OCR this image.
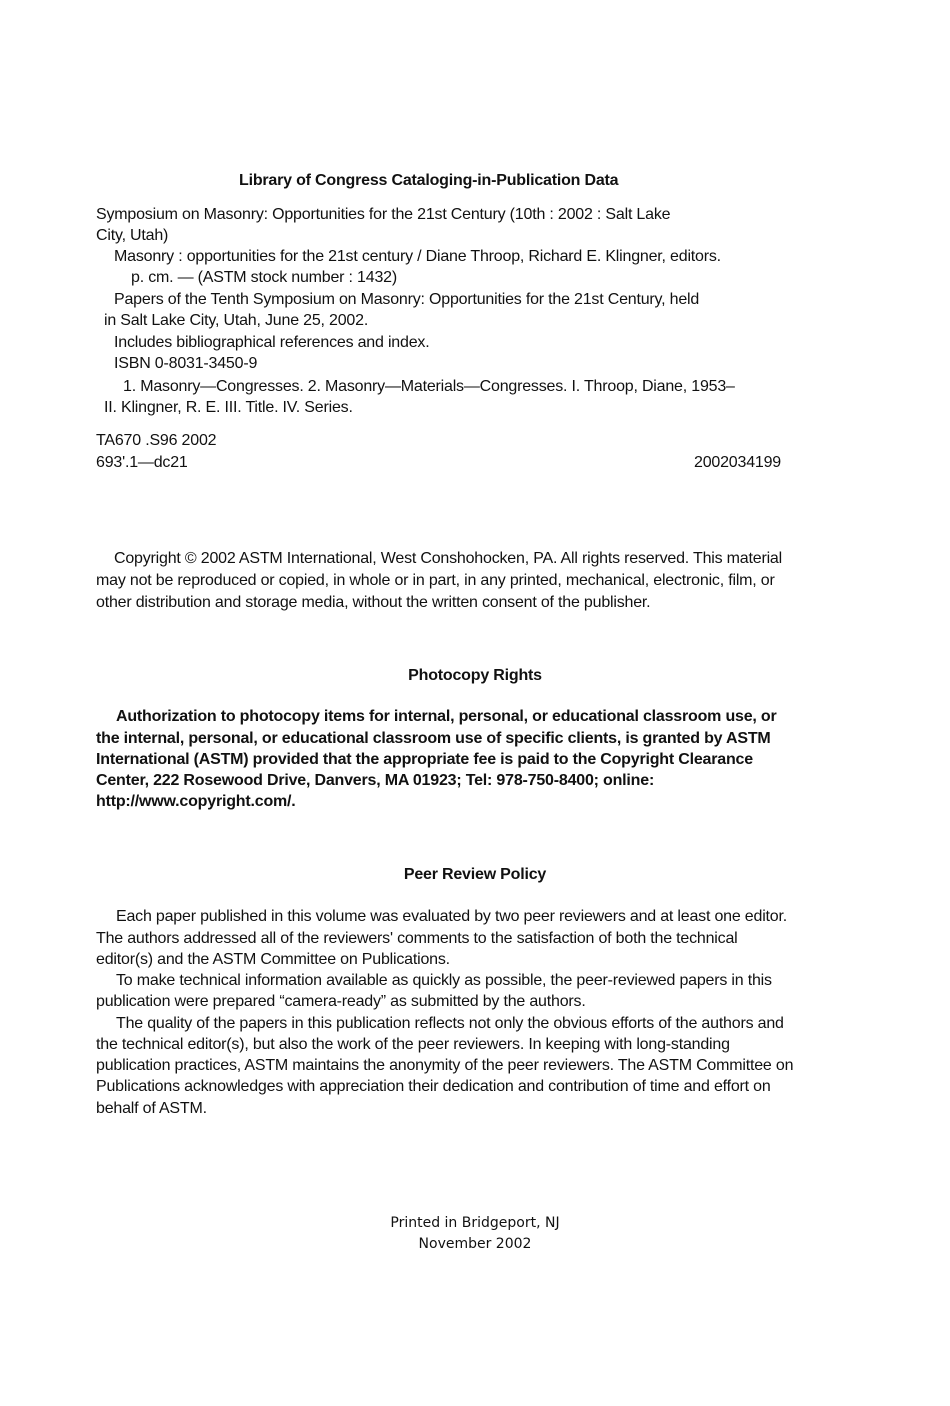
Library of Congress Cataloging-in-Publication Data
Symposium on Masonry: Opportunities for the 21st Century (10th : 2002 : Salt Lake
City, Utah)
Masonry : opportunities for the 21st century / Diane Throop, Richard E. Klingner, editors.
p. cm. — (ASTM stock number : 1432)
Papers of the Tenth Symposium on Masonry: Opportunities for the 21st Century, held
in Salt Lake City, Utah, June 25, 2002.
Includes bibliographical references and index.
ISBN 0-8031-3450-9
1. Masonry—Congresses. 2. Masonry—Materials—Congresses. I. Throop, Diane, 1953–
II. Klingner, R. E. III. Title. IV. Series.
TA670 .S96 2002
693'.1—dc21	2002034199
Copyright © 2002 ASTM International, West Conshohocken, PA. All rights reserved. This material
may not be reproduced or copied, in whole or in part, in any printed, mechanical, electronic, film, or
other distribution and storage media, without the written consent of the publisher.
Photocopy Rights
Authorization to photocopy items for internal, personal, or educational classroom use, or
the internal, personal, or educational classroom use of specific clients, is granted by ASTM
International (ASTM) provided that the appropriate fee is paid to the Copyright Clearance
Center, 222 Rosewood Drive, Danvers, MA 01923; Tel: 978-750-8400; online:
http://www.copyright.com/.
Peer Review Policy
Each paper published in this volume was evaluated by two peer reviewers and at least one editor.
The authors addressed all of the reviewers' comments to the satisfaction of both the technical
editor(s) and the ASTM Committee on Publications.
To make technical information available as quickly as possible, the peer-reviewed papers in this
publication were prepared “camera-ready” as submitted by the authors.
The quality of the papers in this publication reflects not only the obvious efforts of the authors and
the technical editor(s), but also the work of the peer reviewers. In keeping with long-standing
publication practices, ASTM maintains the anonymity of the peer reviewers. The ASTM Committee on
Publications acknowledges with appreciation their dedication and contribution of time and effort on
behalf of ASTM.
Printed in Bridgeport, NJ
November 2002
